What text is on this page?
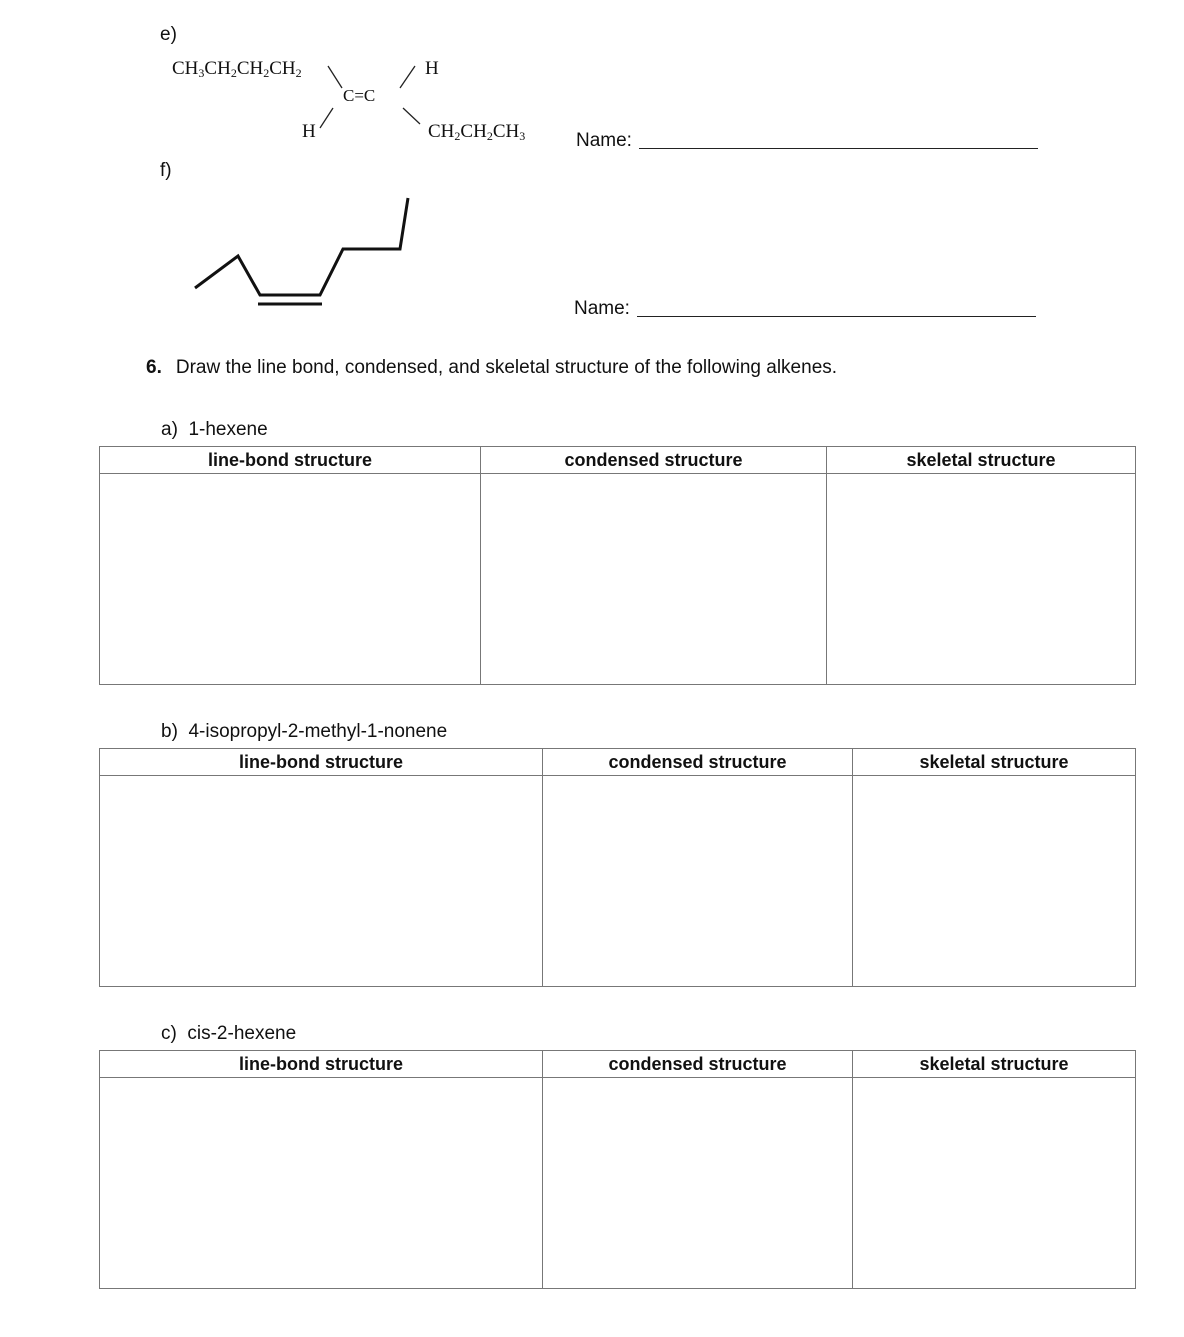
e)
$CH_3CH_2CH_2CH_2$
H
C=C
H
$CH_2CH_2CH_3$	Name:
f)
Name:
6. Draw the line bond, condensed, and skeletal structure of the following alkenes.
a)  1-hexene
line-bond structure	condensed structure	skeletal structure

b)  4-isopropyl-2-methyl-1-nonene
line-bond structure	condensed structure	skeletal structure

c)  cis-2-hexene
line-bond structure	condensed structure	skeletal structure
